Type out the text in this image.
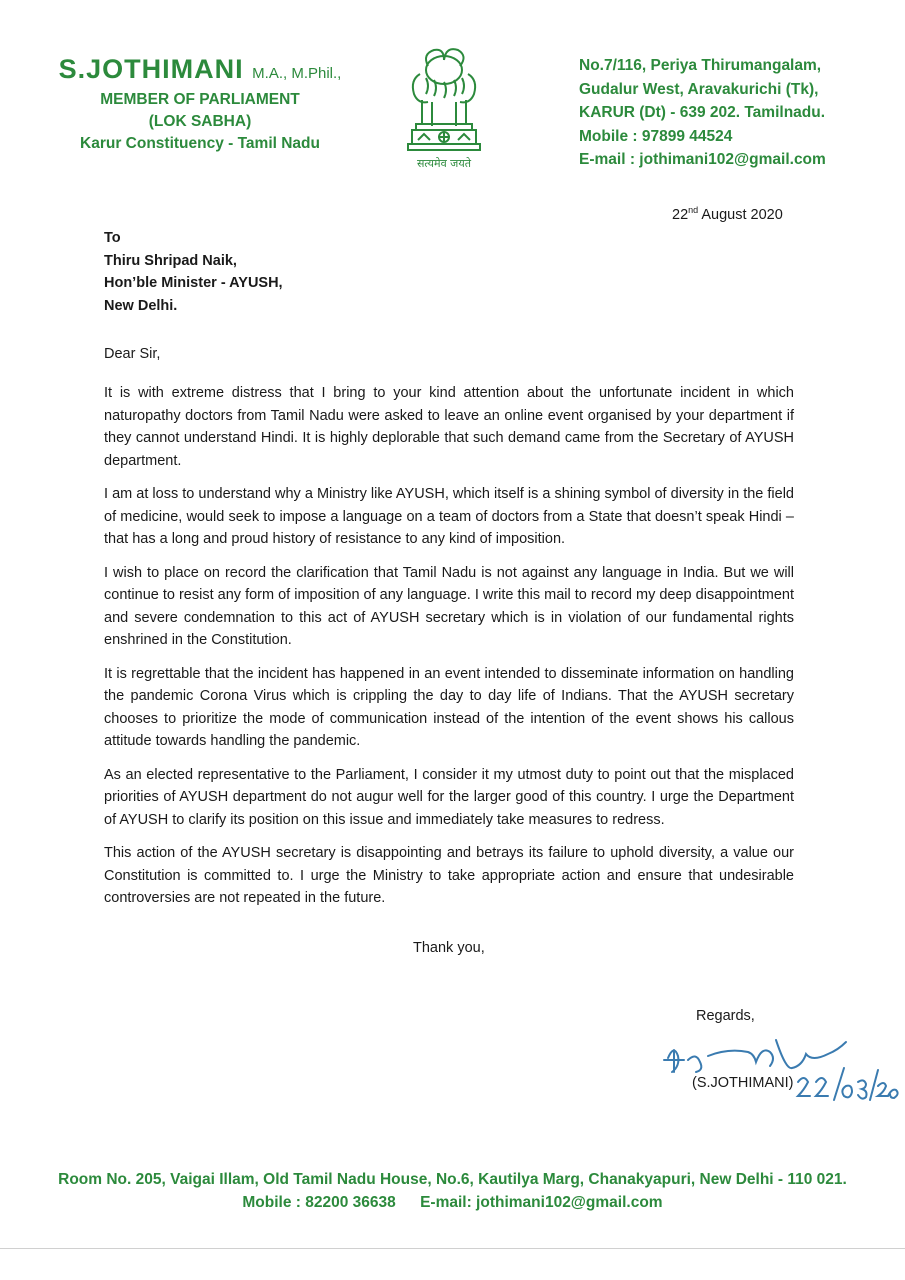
S.JOTHIMANI M.A., M.Phil.,
MEMBER OF PARLIAMENT
(LOK SABHA)
Karur Constituency - Tamil Nadu
सत्यमेव जयते
No.7/116, Periya Thirumangalam,
Gudalur West, Aravakurichi (Tk),
KARUR (Dt) - 639 202. Tamilnadu.
Mobile : 97899 44524
E-mail : jothimani102@gmail.com
22nd August 2020
To
Thiru Shripad Naik,
Hon’ble Minister - AYUSH,
New Delhi.
Dear Sir,

It is with extreme distress that I bring to your kind attention about the unfortunate incident in which naturopathy doctors from Tamil Nadu were asked to leave an online event organised by your department if they cannot understand Hindi. It is highly deplorable that such demand came from the Secretary of AYUSH department.

I am at loss to understand why a Ministry like AYUSH, which itself is a shining symbol of diversity in the field of medicine, would seek to impose a language on a team of doctors from a State that doesn’t speak Hindi – that has a long and proud history of resistance to any kind of imposition.

I wish to place on record the clarification that Tamil Nadu is not against any language in India. But we will continue to resist any form of imposition of any language. I write this mail to record my deep disappointment and severe condemnation to this act of AYUSH secretary which is in violation of our fundamental rights enshrined in the Constitution.

It is regrettable that the incident has happened in an event intended to disseminate information on handling the pandemic Corona Virus which is crippling the day to day life of Indians. That the AYUSH secretary chooses to prioritize the mode of communication instead of the intention of the event shows his callous attitude towards handling the pandemic.

As an elected representative to the Parliament, I consider it my utmost duty to point out that the misplaced priorities of AYUSH department do not augur well for the larger good of this country. I urge the Department of AYUSH to clarify its position on this issue and immediately take measures to redress.

This action of the AYUSH secretary is disappointing and betrays its failure to uphold diversity, a value our Constitution is committed to. I urge the Ministry to take appropriate action and ensure that undesirable controversies are not repeated in the future.

Thank you,
Regards,
(S.JOTHIMANI)
Room No. 205, Vaigai Illam, Old Tamil Nadu House, No.6, Kautilya Marg, Chanakyapuri, New Delhi - 110 021.
Mobile : 82200 36638 E-mail: jothimani102@gmail.com
